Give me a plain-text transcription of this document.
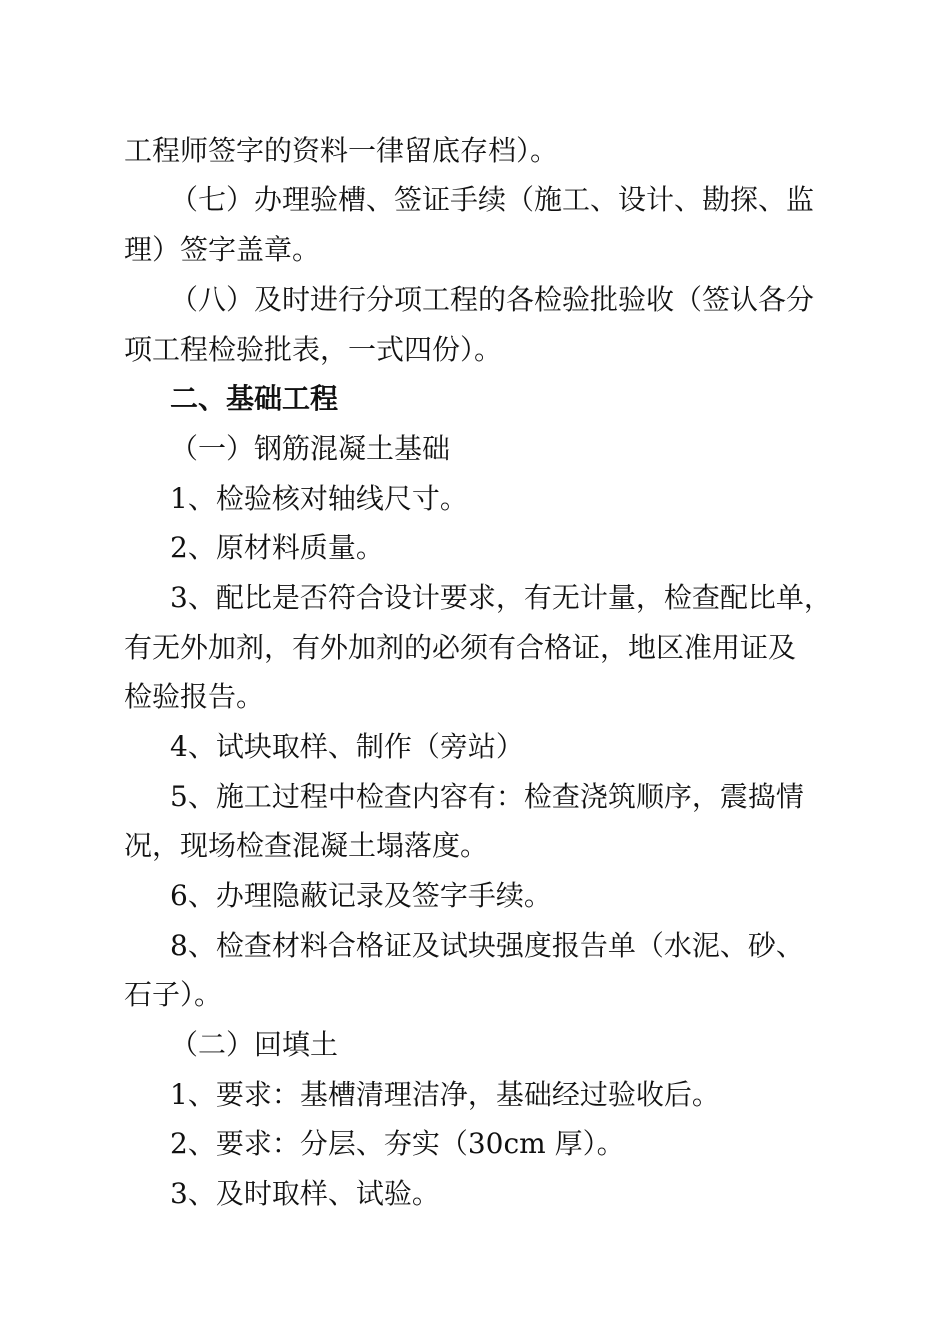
工程师签字的资料一律留底存档）。
（七）办理验槽、签证手续（施工、设计、勘探、监
理）签字盖章。
（八）及时进行分项工程的各检验批验收（签认各分
项工程检验批表，一式四份）。
二、基础工程
（一）钢筋混凝土基础
1、检验核对轴线尺寸。
2、原材料质量。
3、配比是否符合设计要求，有无计量，检查配比单，
有无外加剂，有外加剂的必须有合格证，地区准用证及
检验报告。
4、试块取样、制作（旁站）
5、施工过程中检查内容有：检查浇筑顺序，震捣情
况，现场检查混凝土塌落度。
6、办理隐蔽记录及签字手续。
8、检查材料合格证及试块强度报告单（水泥、砂、
石子）。
（二）回填土
1、要求：基槽清理洁净，基础经过验收后。
2、要求：分层、夯实（30cm 厚）。
3、及时取样、试验。
